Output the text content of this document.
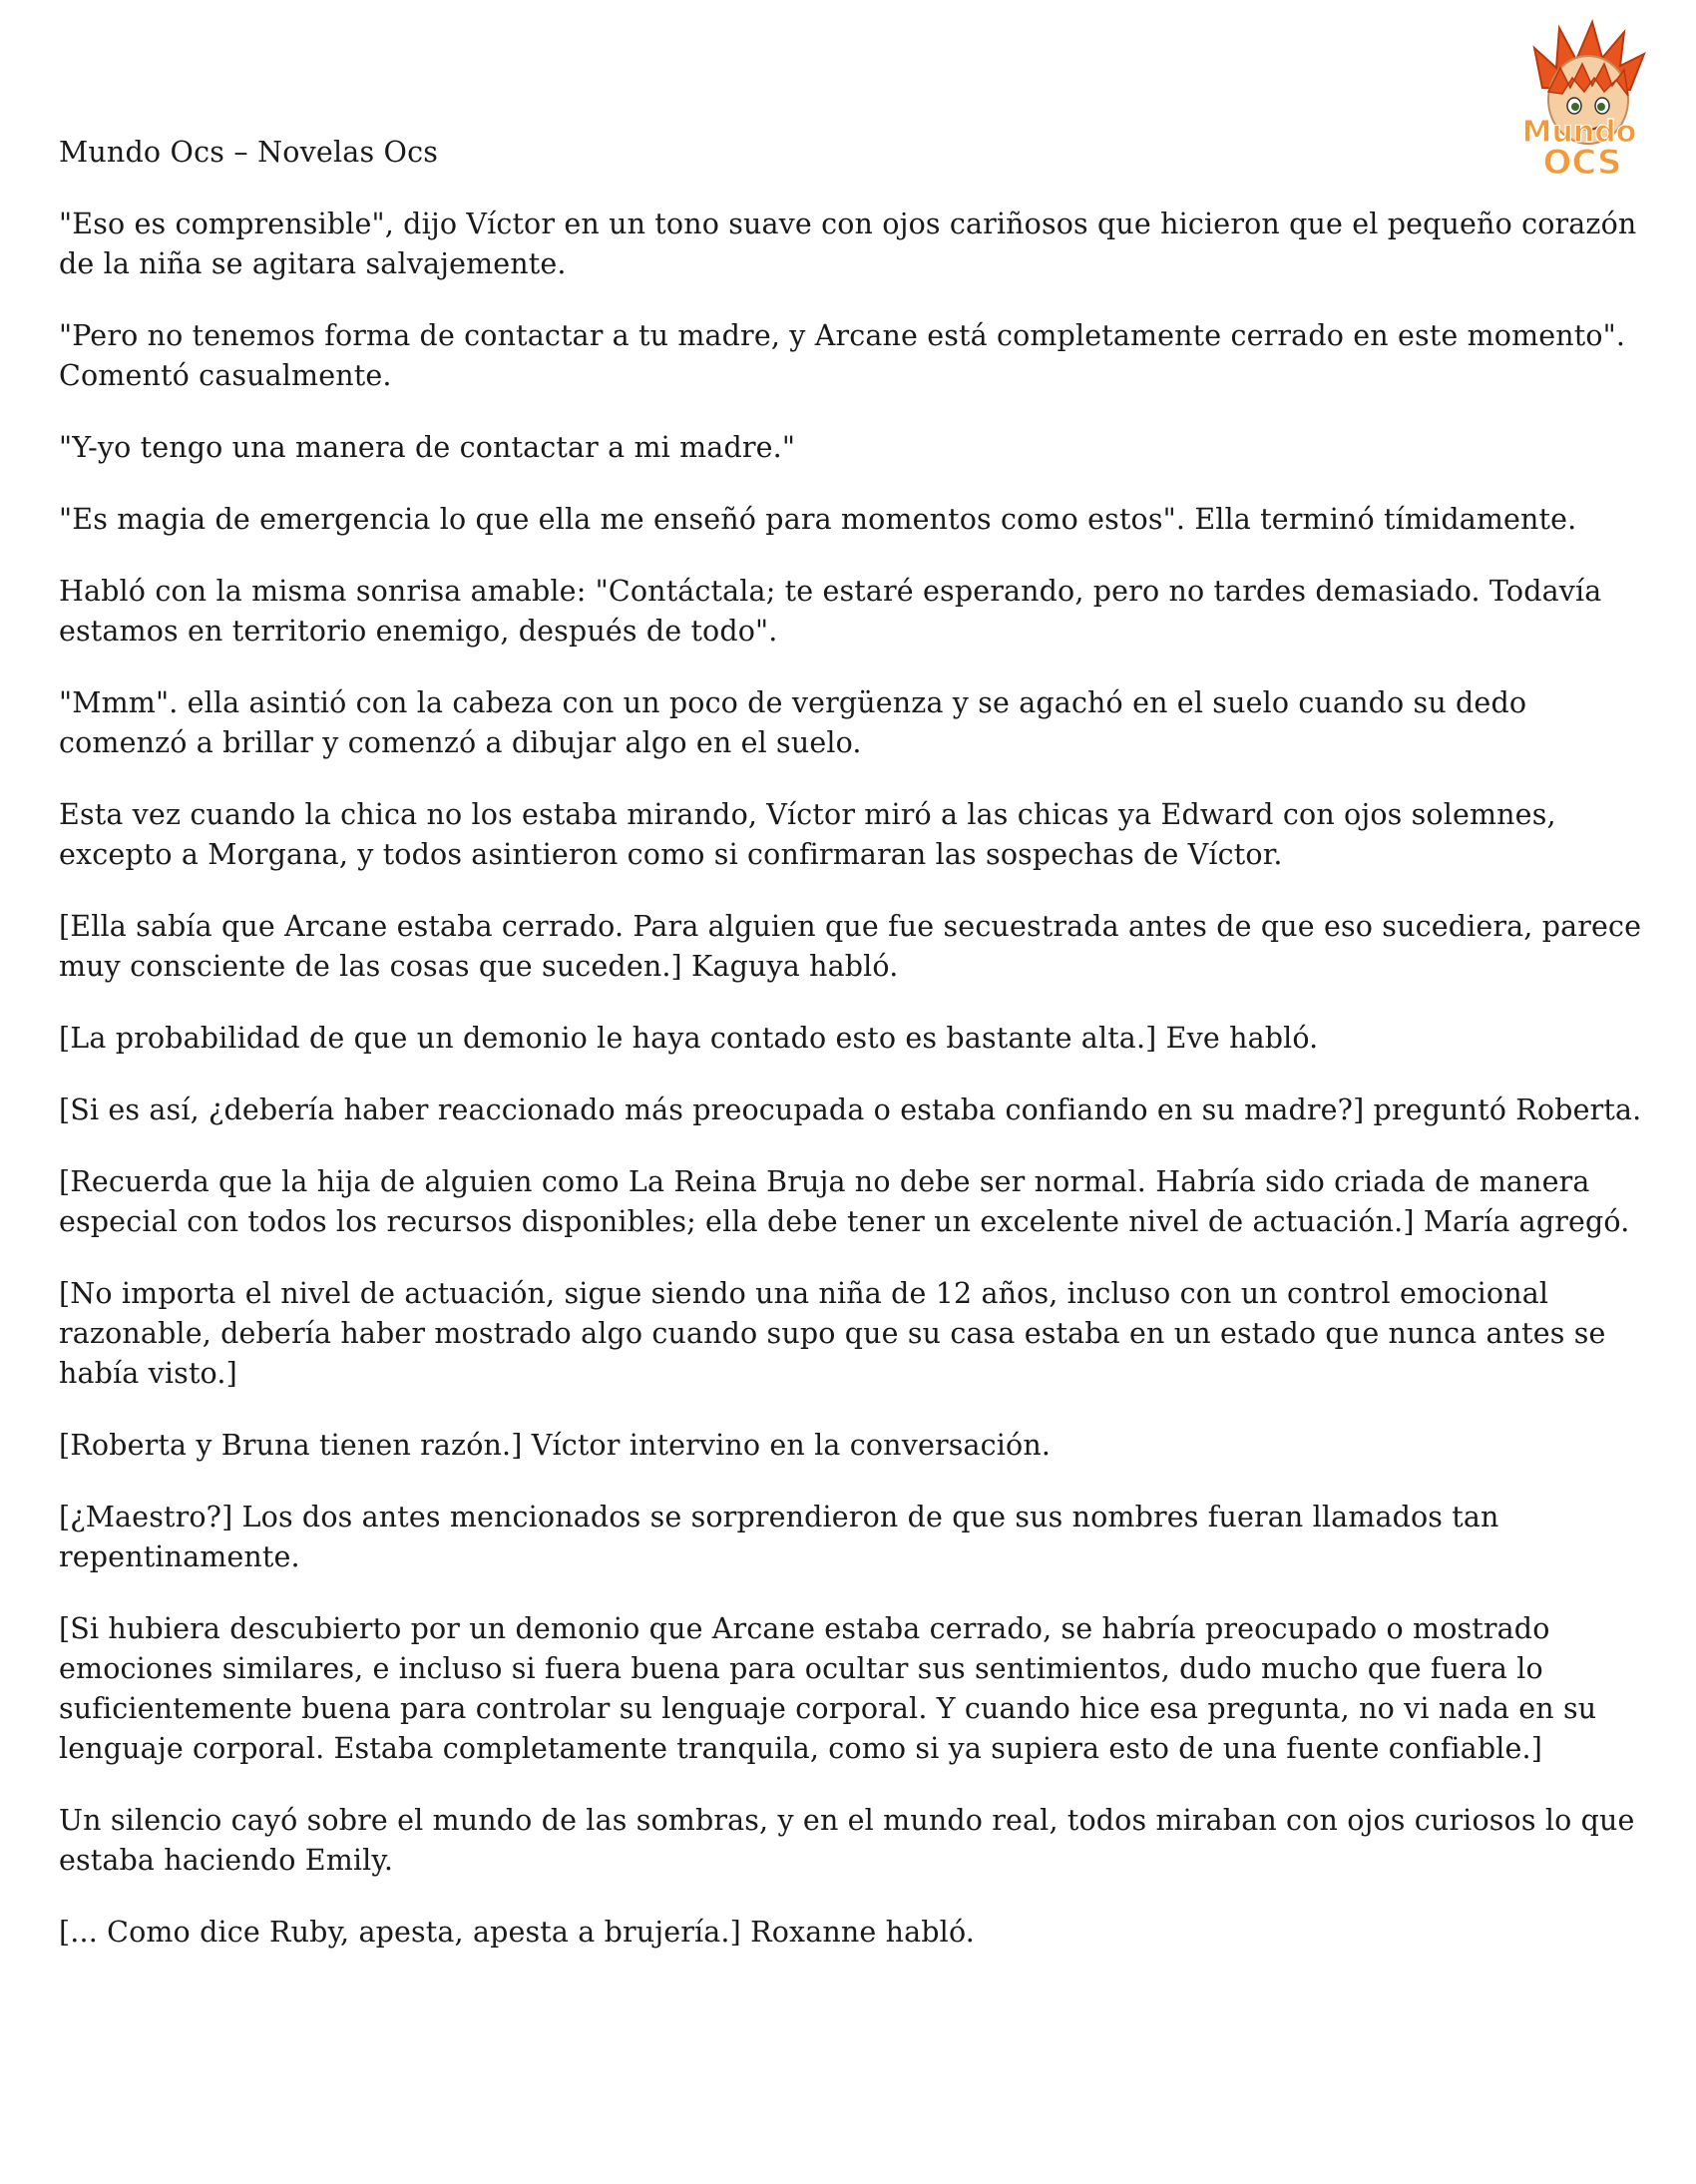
Mundo Ocs – Novelas Ocs

Mundo
OCS

"Eso es comprensible", dijo Víctor en un tono suave con ojos cariñosos que hicieron que el pequeño corazón de la niña se agitara salvajemente.

"Pero no tenemos forma de contactar a tu madre, y Arcane está completamente cerrado en este momento". Comentó casualmente.

"Y-yo tengo una manera de contactar a mi madre."

"Es magia de emergencia lo que ella me enseñó para momentos como estos". Ella terminó tímidamente.

Habló con la misma sonrisa amable: "Contáctala; te estaré esperando, pero no tardes demasiado. Todavía estamos en territorio enemigo, después de todo".

"Mmm". ella asintió con la cabeza con un poco de vergüenza y se agachó en el suelo cuando su dedo comenzó a brillar y comenzó a dibujar algo en el suelo.

Esta vez cuando la chica no los estaba mirando, Víctor miró a las chicas ya Edward con ojos solemnes, excepto a Morgana, y todos asintieron como si confirmaran las sospechas de Víctor.

[Ella sabía que Arcane estaba cerrado. Para alguien que fue secuestrada antes de que eso sucediera, parece muy consciente de las cosas que suceden.] Kaguya habló.

[La probabilidad de que un demonio le haya contado esto es bastante alta.] Eve habló.

[Si es así, ¿debería haber reaccionado más preocupada o estaba confiando en su madre?] preguntó Roberta.

[Recuerda que la hija de alguien como La Reina Bruja no debe ser normal. Habría sido criada de manera especial con todos los recursos disponibles; ella debe tener un excelente nivel de actuación.] María agregó.

[No importa el nivel de actuación, sigue siendo una niña de 12 años, incluso con un control emocional razonable, debería haber mostrado algo cuando supo que su casa estaba en un estado que nunca antes se había visto.]

[Roberta y Bruna tienen razón.] Víctor intervino en la conversación.

[¿Maestro?] Los dos antes mencionados se sorprendieron de que sus nombres fueran llamados tan repentinamente.

[Si hubiera descubierto por un demonio que Arcane estaba cerrado, se habría preocupado o mostrado emociones similares, e incluso si fuera buena para ocultar sus sentimientos, dudo mucho que fuera lo suficientemente buena para controlar su lenguaje corporal. Y cuando hice esa pregunta, no vi nada en su lenguaje corporal. Estaba completamente tranquila, como si ya supiera esto de una fuente confiable.]

Un silencio cayó sobre el mundo de las sombras, y en el mundo real, todos miraban con ojos curiosos lo que estaba haciendo Emily.

[... Como dice Ruby, apesta, apesta a brujería.] Roxanne habló.
